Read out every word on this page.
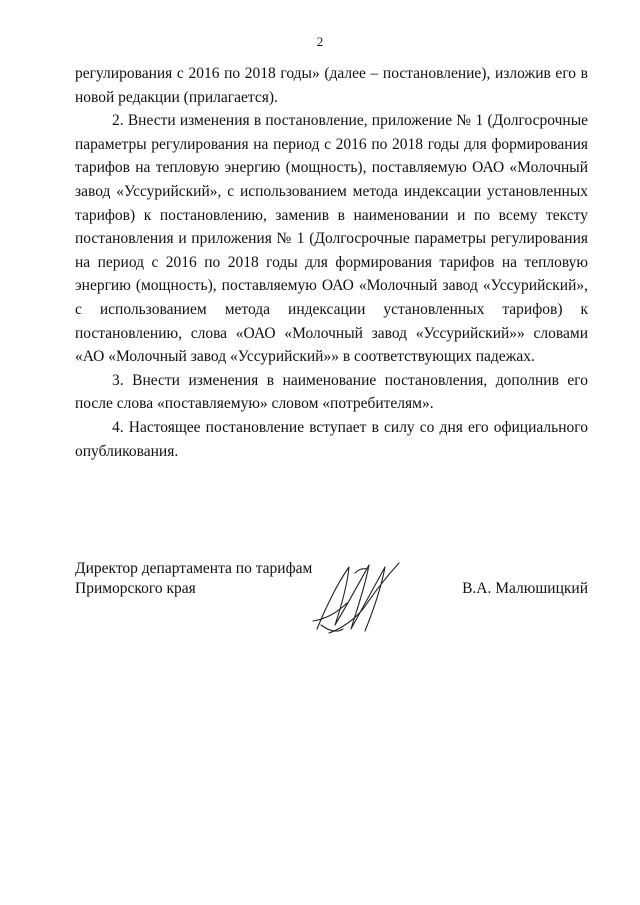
2

регулирования с 2016 по 2018 годы» (далее – постановление), изложив его в новой редакции (прилагается).

2. Внести изменения в постановление, приложение № 1 (Долгосрочные параметры регулирования на период с 2016 по 2018 годы для формирования тарифов на тепловую энергию (мощность), поставляемую ОАО «Молочный завод «Уссурийский», с использованием метода индексации установленных тарифов) к постановлению, заменив в наименовании и по всему тексту постановления и приложения № 1 (Долгосрочные параметры регулирования на период с 2016 по 2018 годы для формирования тарифов на тепловую энергию (мощность), поставляемую ОАО «Молочный завод «Уссурийский», с использованием метода индексации установленных тарифов) к постановлению, слова «ОАО «Молочный завод «Уссурийский»» словами «АО «Молочный завод «Уссурийский»» в соответствующих падежах.

3. Внести изменения в наименование постановления, дополнив его после слова «поставляемую» словом «потребителям».

4. Настоящее постановление вступает в силу со дня его официального опубликования.

Директор департамента по тарифам
Приморского края	В.А. Малюшицкий
